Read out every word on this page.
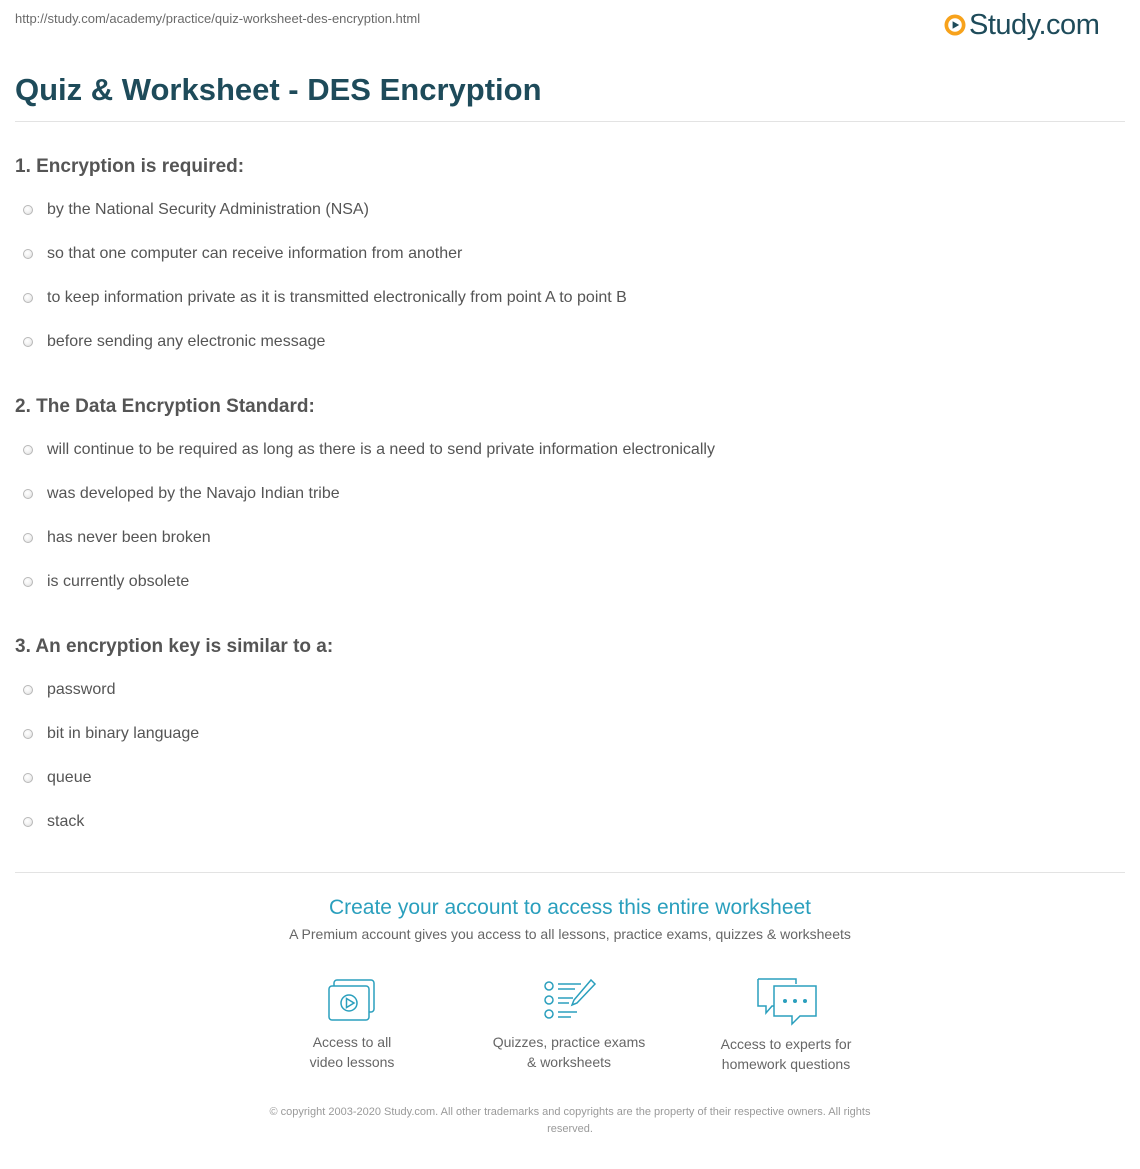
http://study.com/academy/practice/quiz-worksheet-des-encryption.html	Study.com
Quiz & Worksheet - DES Encryption
1. Encryption is required:
by the National Security Administration (NSA)
so that one computer can receive information from another
to keep information private as it is transmitted electronically from point A to point B
before sending any electronic message
2. The Data Encryption Standard:
will continue to be required as long as there is a need to send private information electronically
was developed by the Navajo Indian tribe
has never been broken
is currently obsolete
3. An encryption key is similar to a:
password
bit in binary language
queue
stack
Create your account to access this entire worksheet
A Premium account gives you access to all lessons, practice exams, quizzes & worksheets
Access to all
video lessons
Quizzes, practice exams
& worksheets
Access to experts for
homework questions
© copyright 2003-2020 Study.com. All other trademarks and copyrights are the property of their respective owners. All rights
reserved.
